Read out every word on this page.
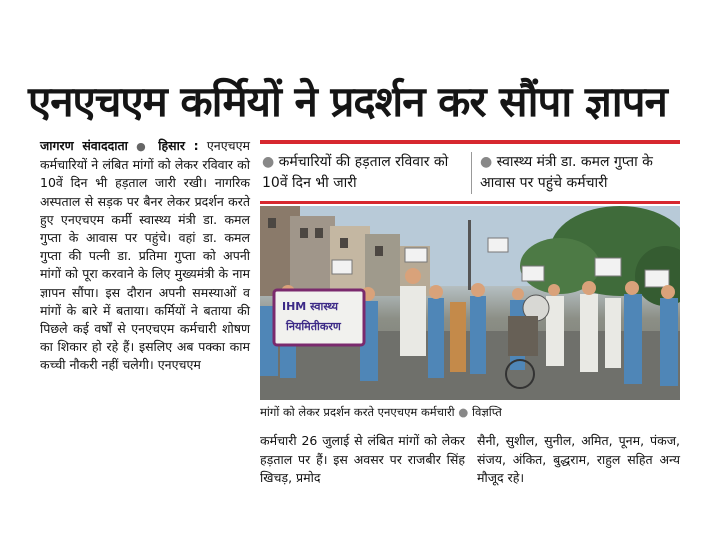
एनएचएम कर्मियों ने प्रदर्शन कर सौंपा ज्ञापन

जागरण संवाददाता ● हिसार : एनएचएम कर्मचारियों ने लंबित मांगों को लेकर रविवार को 10वें दिन भी हड़ताल जारी रखी। नागरिक अस्पताल से सड़क पर बैनर लेकर प्रदर्शन करते हुए एनएचएम कर्मी स्वास्थ्य मंत्री डा. कमल गुप्ता के आवास पर पहुंचे। वहां डा. कमल गुप्ता की पत्नी डा. प्रतिमा गुप्ता को अपनी मांगों को पूरा करवाने के लिए मुख्यमंत्री के नाम ज्ञापन सौंपा। इस दौरान अपनी समस्याओं व मांगों के बारे में बताया। कर्मियों ने बताया की पिछले कई वर्षों से एनएचएम कर्मचारी शोषण का शिकार हो रहे हैं। इसलिए अब पक्का काम कच्ची नौकरी नहीं चलेगी। एनएचएम

● कर्मचारियों की हड़ताल रविवार को 10वें दिन भी जारी
● स्वास्थ्य मंत्री डा. कमल गुप्ता के आवास पर पहुंचे कर्मचारी
IHM स्वास्थ्य
नियमितीकरण
मांगों को लेकर प्रदर्शन करते एनएचएम कर्मचारी ● विज्ञप्ति

कर्मचारी 26 जुलाई से लंबित मांगों को लेकर हड़ताल पर हैं। इस अवसर पर राजबीर सिंह खिचड़, प्रमोद

सैनी, सुशील, सुनील, अमित, पूनम, पंकज, संजय, अंकित, बुद्धराम, राहुल सहित अन्य मौजूद रहे।
